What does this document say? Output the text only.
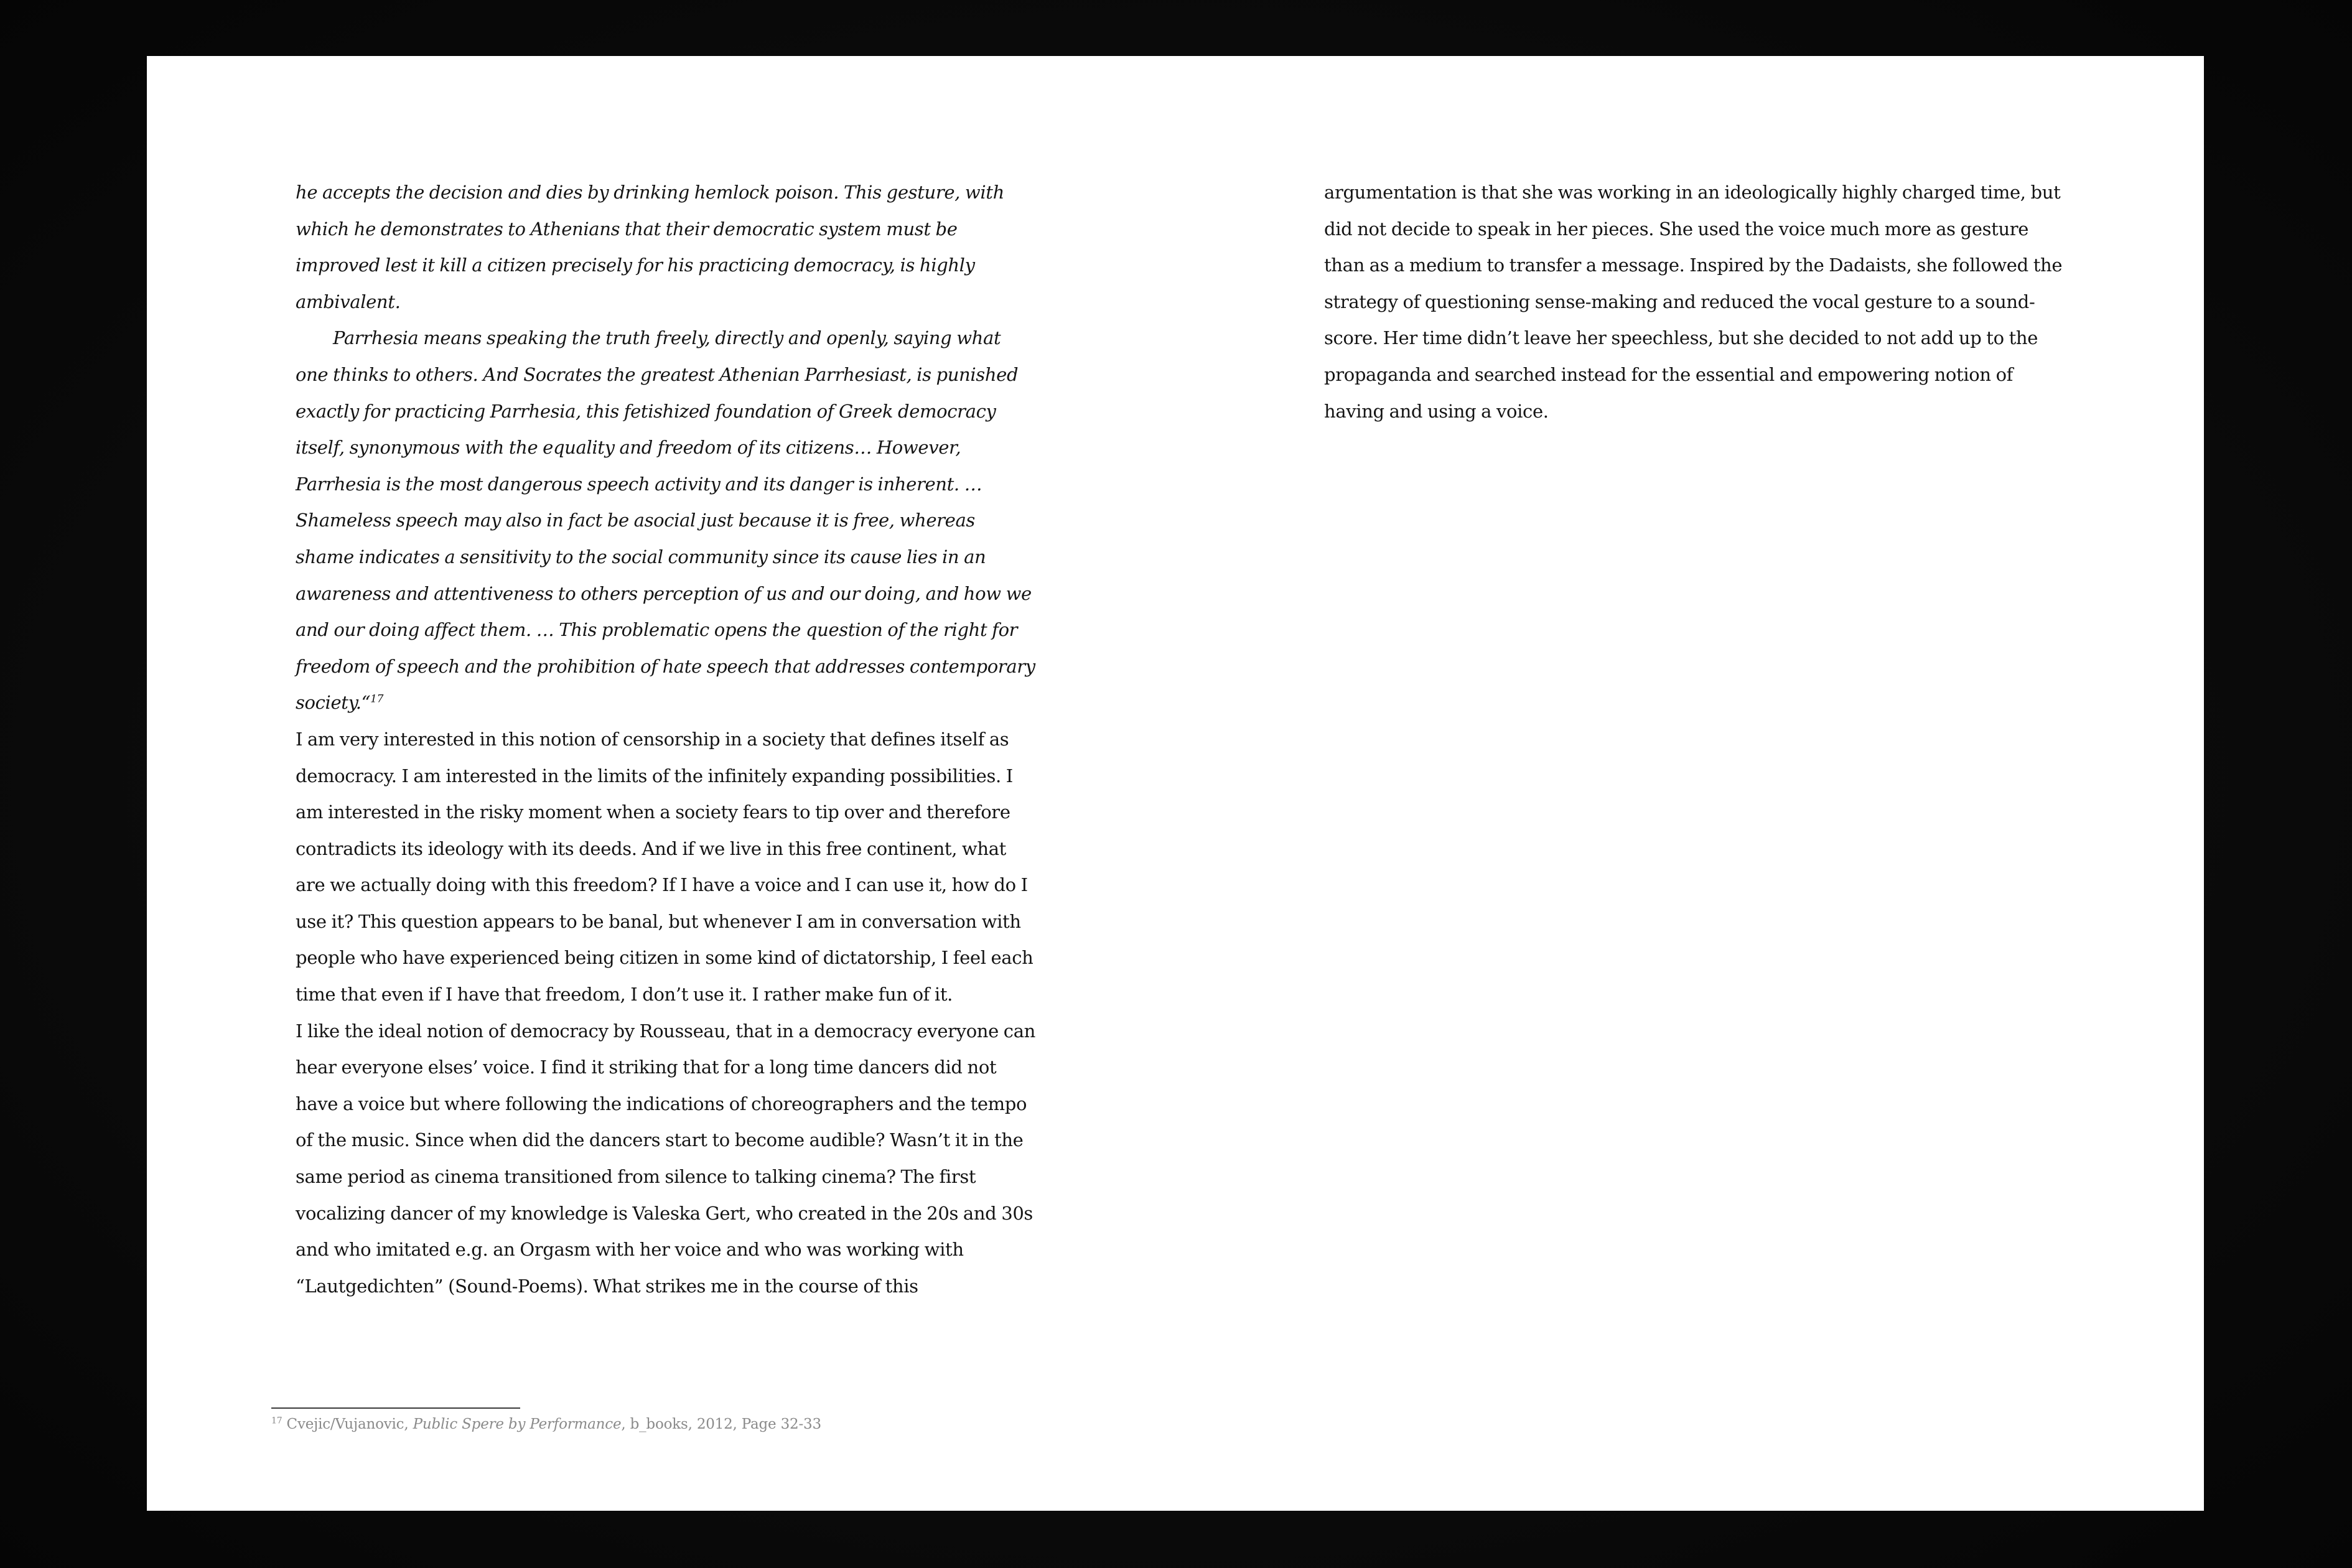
he accepts the decision and dies by drinking hemlock poison. This gesture, with which he demonstrates to Athenians that their democratic system must be improved lest it kill a citizen precisely for his practicing democracy, is highly ambivalent.

Parrhesia means speaking the truth freely, directly and openly, saying what one thinks to others. And Socrates the greatest Athenian Parrhesiast, is punished exactly for practicing Parrhesia, this fetishized foundation of Greek democracy itself, synonymous with the equality and freedom of its citizens… However, Parrhesia is the most dangerous speech activity and its danger is inherent. … Shameless speech may also in fact be asocial just because it is free, whereas shame indicates a sensitivity to the social community since its cause lies in an awareness and attentiveness to others perception of us and our doing, and how we and our doing affect them. … This problematic opens the question of the right for freedom of speech and the prohibition of hate speech that addresses contemporary society.“$^{17}$

I am very interested in this notion of censorship in a society that defines itself as democracy. I am interested in the limits of the infinitely expanding possibilities. I am interested in the risky moment when a society fears to tip over and therefore contradicts its ideology with its deeds. And if we live in this free continent, what are we actually doing with this freedom? If I have a voice and I can use it, how do I use it? This question appears to be banal, but whenever I am in conversation with people who have experienced being citizen in some kind of dictatorship, I feel each time that even if I have that freedom, I don’t use it. I rather make fun of it.

I like the ideal notion of democracy by Rousseau, that in a democracy everyone can hear everyone elses’ voice. I find it striking that for a long time dancers did not have a voice but where following the indications of choreographers and the tempo of the music. Since when did the dancers start to become audible? Wasn’t it in the same period as cinema transitioned from silence to talking cinema? The first vocalizing dancer of my knowledge is Valeska Gert, who created in the 20s and 30s and who imitated e.g. an Orgasm with her voice and who was working with “Lautgedichten” (Sound-Poems). What strikes me in the course of this

$^{17}$ Cvejic/Vujanovic, Public Spere by Performance, b_books, 2012, Page 32-33

argumentation is that she was working in an ideologically highly charged time, but did not decide to speak in her pieces. She used the voice much more as gesture than as a medium to transfer a message. Inspired by the Dadaists, she followed the strategy of questioning sense-making and reduced the vocal gesture to a sound-score. Her time didn’t leave her speechless, but she decided to not add up to the propaganda and searched instead for the essential and empowering notion of having and using a voice.
